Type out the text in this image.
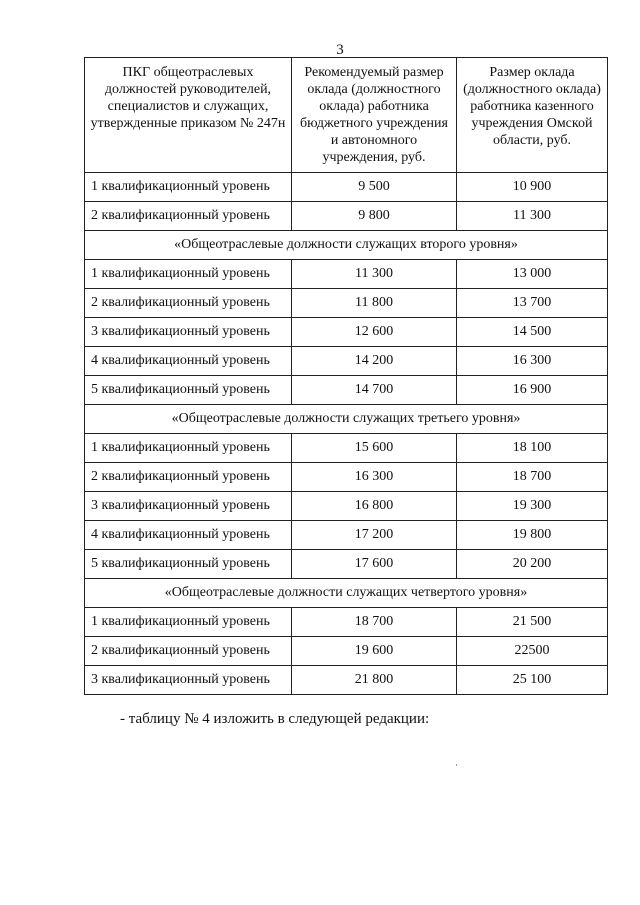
3
ПКГ общеотраслевых должностей руководителей, специалистов и служащих, утвержденные приказом № 247н	Рекомендуемый размер оклада (должностного оклада) работника бюджетного учреждения и автономного учреждения, руб.	Размер оклада (должностного оклада) работника казенного учреждения Омской области, руб.
1 квалификационный уровень	9 500	10 900
2 квалификационный уровень	9 800	11 300
«Общеотраслевые должности служащих второго уровня»		
1 квалификационный уровень	11 300	13 000
2 квалификационный уровень	11 800	13 700
3 квалификационный уровень	12 600	14 500
4 квалификационный уровень	14 200	16 300
5 квалификационный уровень	14 700	16 900
«Общеотраслевые должности служащих третьего уровня»		
1 квалификационный уровень	15 600	18 100
2 квалификационный уровень	16 300	18 700
3 квалификационный уровень	16 800	19 300
4 квалификационный уровень	17 200	19 800
5 квалификационный уровень	17 600	20 200
«Общеотраслевые должности служащих четвертого уровня»		
1 квалификационный уровень	18 700	21 500
2 квалификационный уровень	19 600	22500
3 квалификационный уровень	21 800	25 100
- таблицу № 4 изложить в следующей редакции:
